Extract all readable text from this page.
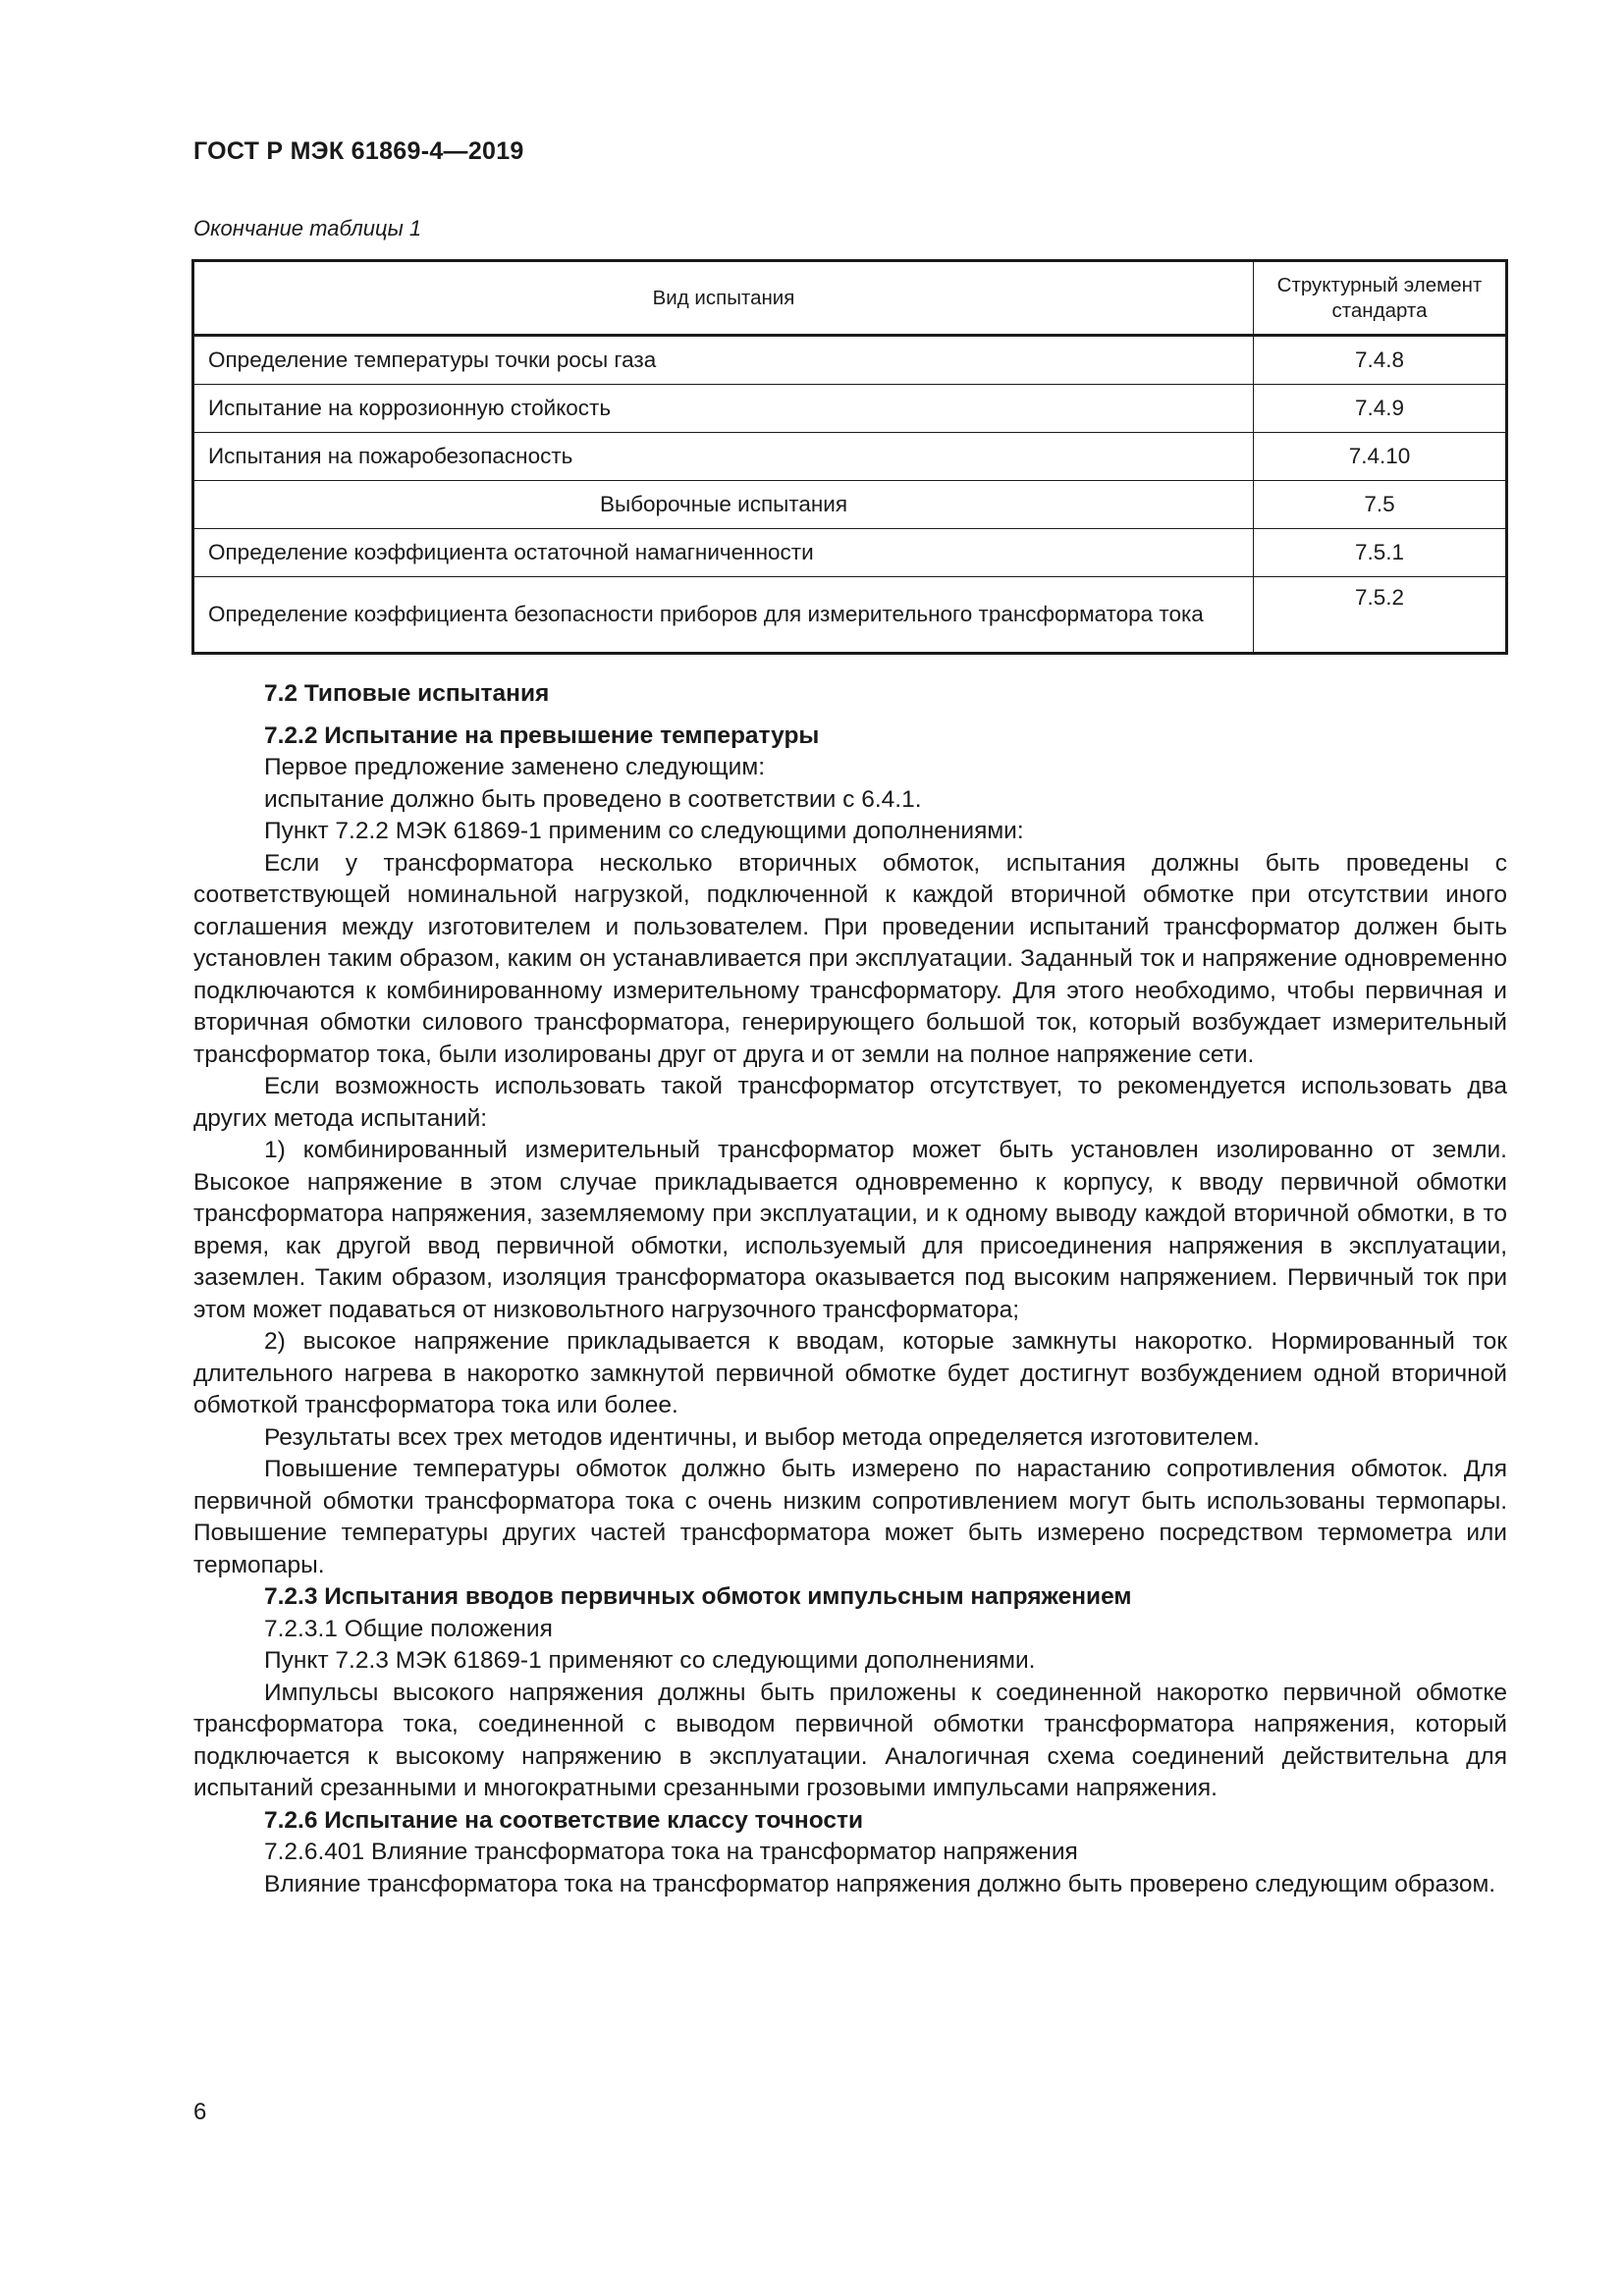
ГОСТ Р МЭК 61869-4—2019
Окончание таблицы 1
Вид испытания	Структурный элемент стандарта
Определение температуры точки росы газа	7.4.8
Испытание на коррозионную стойкость	7.4.9
Испытания на пожаробезопасность	7.4.10
Выборочные испытания	7.5
Определение коэффициента остаточной намагниченности	7.5.1
Определение коэффициента безопасности приборов для измерительного трансформатора тока	7.5.2
7.2 Типовые испытания
7.2.2 Испытание на превышение температуры
Первое предложение заменено следующим:
испытание должно быть проведено в соответствии с 6.4.1.
Пункт 7.2.2 МЭК 61869-1 применим со следующими дополнениями:

Если у трансформатора несколько вторичных обмоток, испытания должны быть проведены с соответствующей номинальной нагрузкой, подключенной к каждой вторичной обмотке при отсутствии иного соглашения между изготовителем и пользователем. При проведении испытаний трансформатор должен быть установлен таким образом, каким он устанавливается при эксплуатации. Заданный ток и напряжение одновременно подключаются к комбинированному измерительному трансформатору. Для этого необходимо, чтобы первичная и вторичная обмотки силового трансформатора, генерирующего большой ток, который возбуждает измерительный трансформатор тока, были изолированы друг от друга и от земли на полное напряжение сети.

Если возможность использовать такой трансформатор отсутствует, то рекомендуется использовать два других метода испытаний:

1) комбинированный измерительный трансформатор может быть установлен изолированно от земли. Высокое напряжение в этом случае прикладывается одновременно к корпусу, к вводу первичной обмотки трансформатора напряжения, заземляемому при эксплуатации, и к одному выводу каждой вторичной обмотки, в то время, как другой ввод первичной обмотки, используемый для присоединения напряжения в эксплуатации, заземлен. Таким образом, изоляция трансформатора оказывается под высоким напряжением. Первичный ток при этом может подаваться от низковольтного нагрузочного трансформатора;

2) высокое напряжение прикладывается к вводам, которые замкнуты накоротко. Нормированный ток длительного нагрева в накоротко замкнутой первичной обмотке будет достигнут возбуждением одной вторичной обмоткой трансформатора тока или более.

Результаты всех трех методов идентичны, и выбор метода определяется изготовителем.

Повышение температуры обмоток должно быть измерено по нарастанию сопротивления обмоток. Для первичной обмотки трансформатора тока с очень низким сопротивлением могут быть использованы термопары. Повышение температуры других частей трансформатора может быть измерено посредством термометра или термопары.

7.2.3 Испытания вводов первичных обмоток импульсным напряжением
7.2.3.1 Общие положения
Пункт 7.2.3 МЭК 61869-1 применяют со следующими дополнениями.

Импульсы высокого напряжения должны быть приложены к соединенной накоротко первичной обмотке трансформатора тока, соединенной с выводом первичной обмотки трансформатора напряжения, который подключается к высокому напряжению в эксплуатации. Аналогичная схема соединений действительна для испытаний срезанными и многократными срезанными грозовыми импульсами напряжения.

7.2.6 Испытание на соответствие классу точности
7.2.6.401 Влияние трансформатора тока на трансформатор напряжения

Влияние трансформатора тока на трансформатор напряжения должно быть проверено следующим образом.

6
